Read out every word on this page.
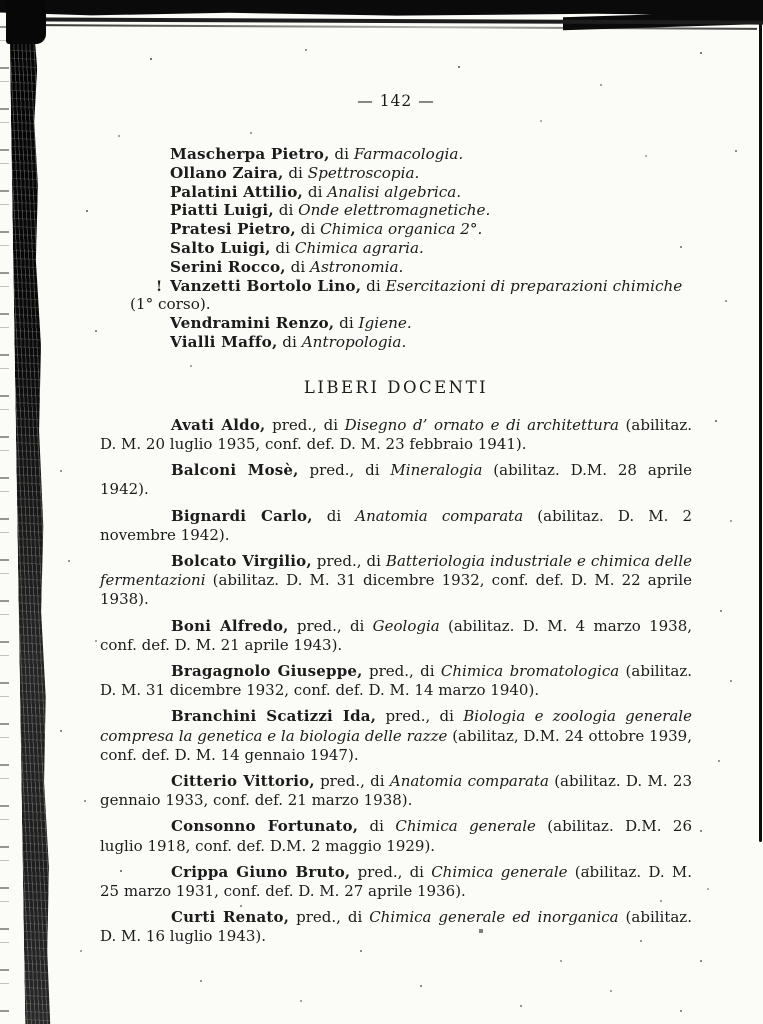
— 142 —
Mascherpa Pietro, di Farmacologia.
Ollano Zaira, di Spettroscopia.
Palatini Attilio, di Analisi algebrica.
Piatti Luigi, di Onde elettromagnetiche.
Pratesi Pietro, di Chimica organica 2°.
Salto Luigi, di Chimica agraria.
Serini Rocco, di Astronomia.
! Vanzetti Bortolo Lino, di Esercitazioni di preparazioni chimiche
(1° corso).
Vendramini Renzo, di Igiene.
Vialli Maffo, di Antropologia.
LIBERI DOCENTI

Avati Aldo, pred., di Disegno d’ ornato e di architettura (abilitaz. D. M. 20 luglio 1935, conf. def. D. M. 23 febbraio 1941).

Balconi Mosè, pred., di Mineralogia (abilitaz. D.M. 28 aprile 1942).

Bignardi Carlo, di Anatomia comparata (abilitaz. D. M. 2 novembre 1942).

Bolcato Virgilio, pred., di Batteriologia industriale e chimica delle fermentazioni (abilitaz. D. M. 31 dicembre 1932, conf. def. D. M. 22 aprile 1938).

Boni Alfredo, pred., di Geologia (abilitaz. D. M. 4 marzo 1938, conf. def. D. M. 21 aprile 1943).

Bragagnolo Giuseppe, pred., di Chimica bromatologica (abilitaz. D. M. 31 dicembre 1932, conf. def. D. M. 14 marzo 1940).

Branchini Scatizzi Ida, pred., di Biologia e zoologia generale compresa la genetica e la biologia delle razze (abilitaz, D.M. 24 ottobre 1939, conf. def. D. M. 14 gennaio 1947).

Citterio Vittorio, pred., di Anatomia comparata (abilitaz. D. M. 23 gennaio 1933, conf. def. 21 marzo 1938).

Consonno Fortunato, di Chimica generale (abilitaz. D.M. 26 luglio 1918, conf. def. D.M. 2 maggio 1929).

Crippa Giuno Bruto, pred., di Chimica generale (abilitaz. D. M. 25 marzo 1931, conf. def. D. M. 27 aprile 1936).

Curti Renato, pred., di Chimica generale ed inorganica (abilitaz. D. M. 16 luglio 1943).
